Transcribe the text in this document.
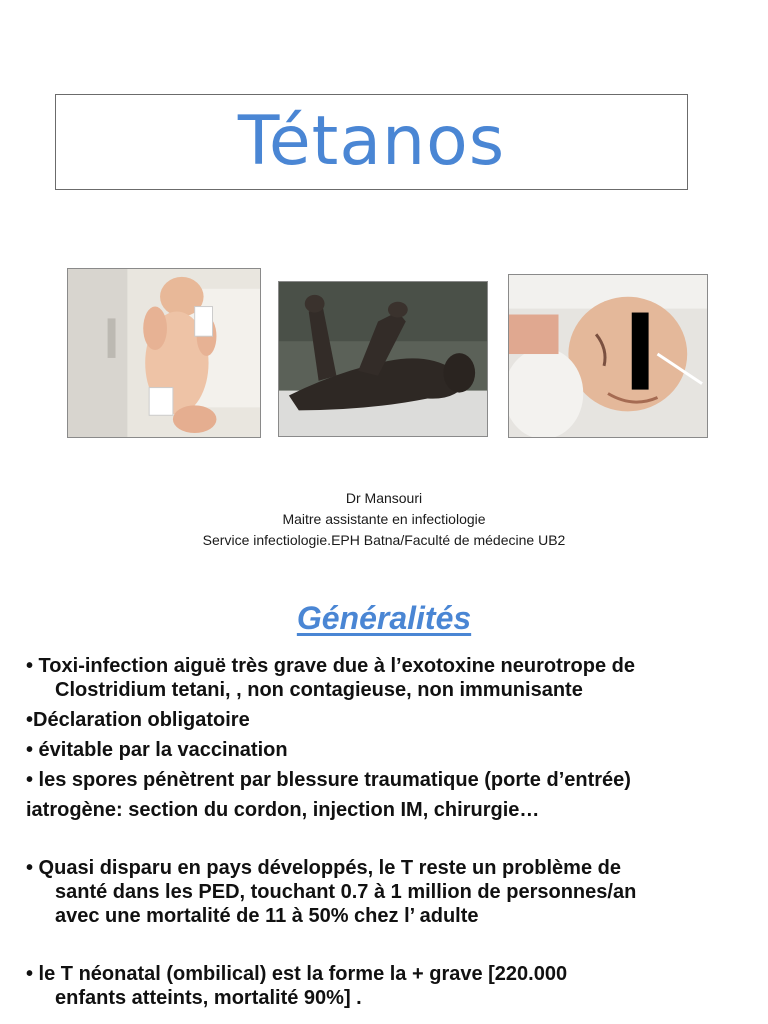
Tétanos
Dr Mansouri
Maitre assistante en infectiologie
Service infectiologie.EPH Batna/Faculté de médecine UB2
Généralités
• Toxi-infection aiguë très grave due à l’exotoxine neurotrope de
Clostridium tetani, , non contagieuse, non immunisante
•Déclaration obligatoire
• évitable par la vaccination
• les spores pénètrent par blessure traumatique (porte d’entrée)
iatrogène: section du cordon, injection IM, chirurgie…
• Quasi disparu en pays développés, le T reste un problème de
santé dans les PED, touchant 0.7 à 1 million de personnes/an
avec une mortalité de 11 à 50% chez l’ adulte
• le T néonatal (ombilical) est la forme la + grave [220.000
enfants atteints, mortalité 90%] .
